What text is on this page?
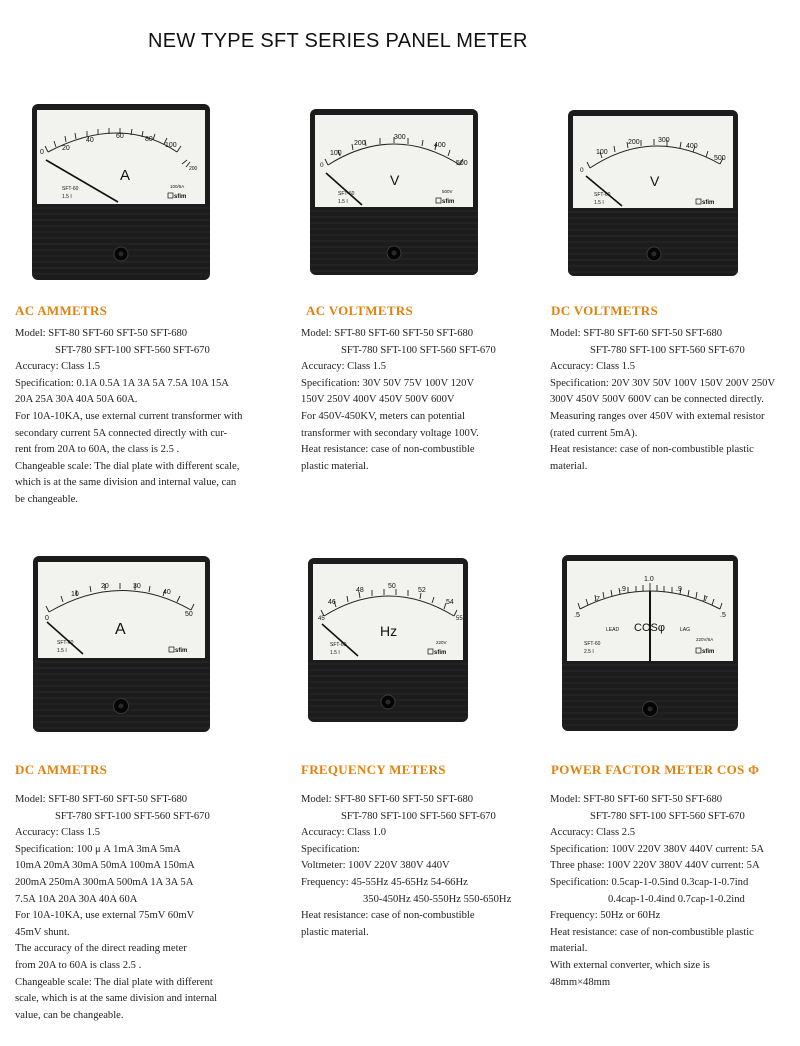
NEW TYPE SFT SERIES PANEL METER
0
20
40
60	80
100
200
A
SFT-60
1.5 I
100/5A
sfim
0
100
200
300
400
500
V
SFT-60
1.5 I
500V
sfim
0
100
200	300
400
500
V
SFT-60
1.5 I	sfim
0
10
20	30
40
50
A
SFT-60
1.5 I	sfim
45
46
48
50
52
54
55
Hz
SFT-60
1.5 I
220V
sfim
.5
.7
.9
1.0
.9
.7
.5
LEAD	LAG
COSφ
SFT-60
2.5 I
220V/5A
sfim
AC AMMETRS	AC VOLTMETRS	DC VOLTMETRS
DC AMMETRS	FREQUENCY METERS	POWER FACTOR METER COS Φ
Model: SFT-80 SFT-60 SFT-50 SFT-680
SFT-780 SFT-100 SFT-560 SFT-670
Accuracy: Class 1.5
Specification: 0.1A 0.5A 1A 3A 5A 7.5A 10A 15A
20A 25A 30A 40A 50A 60A.
For 10A-10KA, use external current transformer with
secondary current 5A connected directly with cur-
rent from 20A to 60A, the class is 2.5 .
Changeable scale: The dial plate with different scale,
which is at the same division and internal value, can
be changeable.
Model: SFT-80 SFT-60 SFT-50 SFT-680
SFT-780 SFT-100 SFT-560 SFT-670
Accuracy: Class 1.5
Specification: 30V 50V 75V 100V 120V
150V 250V 400V 450V 500V 600V
For 450V-450KV, meters can potential
transformer with secondary voltage 100V.
Heat resistance: case of non-combustible
plastic material.
Model: SFT-80 SFT-60 SFT-50 SFT-680
SFT-780 SFT-100 SFT-560 SFT-670
Accuracy: Class 1.5
Specification: 20V 30V 50V 100V 150V 200V 250V
300V 450V 500V 600V can be connected directly.
Measuring ranges over 450V with extemal resistor
(rated current 5mA).
Heat resistance: case of non-combustible plastic
material.
Model: SFT-80 SFT-60 SFT-50 SFT-680
SFT-780 SFT-100 SFT-560 SFT-670
Accuracy: Class 1.5
Specification: 100 μ A 1mA 3mA 5mA
10mA 20mA 30mA 50mA 100mA 150mA
200mA 250mA 300mA 500mA 1A 3A 5A
7.5A 10A 20A 30A 40A 60A
For 10A-10KA, use external 75mV 60mV
45mV shunt.
The accuracy of the direct reading meter
from 20A to 60A is class 2.5 .
Changeable scale: The dial plate with different
scale, which is at the same division and internal
value, can be changeable.
Model: SFT-80 SFT-60 SFT-50 SFT-680
SFT-780 SFT-100 SFT-560 SFT-670
Accuracy: Class 1.0
Specification:
Voltmeter: 100V 220V 380V 440V
Frequency: 45-55Hz 45-65Hz 54-66Hz
350-450Hz 450-550Hz 550-650Hz
Heat resistance: case of non-combustible
plastic material.
Model: SFT-80 SFT-60 SFT-50 SFT-680
SFT-780 SFT-100 SFT-560 SFT-670
Accuracy: Class 2.5
Specification: 100V 220V 380V 440V current: 5A
Three phase: 100V 220V 380V 440V current: 5A
Specification: 0.5cap-1-0.5ind 0.3cap-1-0.7ind
0.4cap-1-0.4ind 0.7cap-1-0.2ind
Frequency: 50Hz or 60Hz
Heat resistance: case of non-combustible plastic
material.
With external converter, which size is
48mm×48mm
